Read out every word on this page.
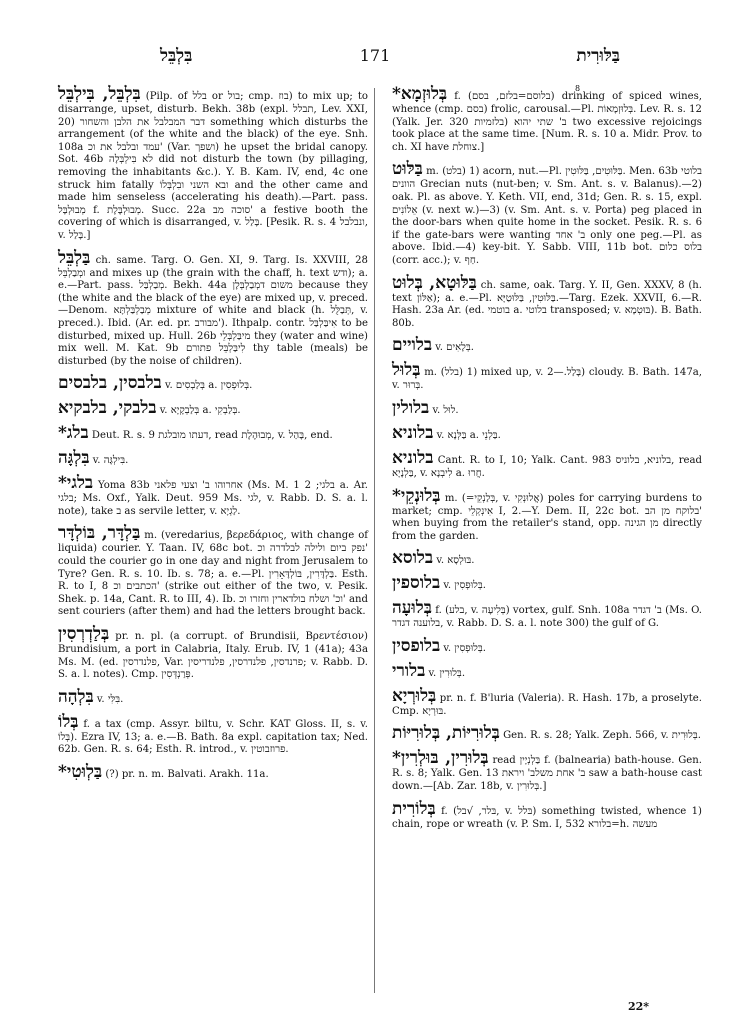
בִּלְבֵּל	171	בַּלּוּרִית
8
בִּלְבֵּל, בִּילְבֵּל (Pilp. of בלל or בול; cmp. בוז) to mix up; to disarrange, upset, disturb. Bekh. 38b (expl. תבלל, Lev. XXI, 20) דבר המבלבל את הלבן והשחור something which disturbs the arrangement (of the white and the black) of the eye. Snh. 108a עמד ובלבל את וכ' (Var. ושפך) he upset the bridal canopy. Sot. 46b לא בִּילְבְּלָה did not disturb the town (by pillaging, removing the inhabitants &c.). Y. B. Kam. IV, end, 4c one struck him fatally ובא השני ובִלְבְּלוֹ and the other came and made him senseless (accelerating his death).—Part. pass. מְבוּלְבָּל f. מְבוּלְבֶּלֶת. Succ. 22a סוכה מב' a festive booth the covering of which is disarranged, v. בָּלַל. [Pesik. R. s. 4 ונבלבל, v. בָּלַל.]
בַּלְבֵּל ch. same. Targ. O. Gen. XI, 9. Targ. Is. XXVIII, 28 ומְבַלְבֵּל and mixes up (the grain with the chaff, h. text ודש); a. e.—Part. pass. מְבַלְבַּל. Bekh. 44a משום דמְבַלְבְּלָן because they (the white and the black of the eye) are mixed up, v. preced.—Denom. מְבַלְבַּלְתָּא mixture of white and black (h. תְּבַלֻּל, v. preced.). Ibid. (Ar. ed. pr. מבורב'). Ithpalp. contr. אִיבַּלְבַּל to be disturbed, mixed up. Hull. 26b מיבַּלְבְּלֵי they (water and wine) mix well. M. Kat. 9b לִיבַּלְבֵּל פתורם thy table (meals) be disturbed (by the noise of children).
בלבסין, בלבסים v. בְּלַבְסִים a. בְּלוּפְסִין.
בלבקי, בלבקיא v. בְּלַבְקָיָא a. בְּלַבְקִי.
*בלג Deut. R. s. 9 דעתו מובלגת, read מְבוּהֶלֶת, v. בָּהַל, end.
בִּלְגָּה v. בִּילְגָּה.
*בלגי Yoma 83b אחרוהו ב' וצעי פלאני (Ms. M. 1 בלגי; 2 a. Ar. בלגי; Ms. Oxf., Yalk. Deut. 959 Ms. לגי, v. Rabb. D. S. a. l. note), take ב as servile letter, v. לַגְיָא.
בַּלְדָּר, בּוֹלְדָּר m. (veredarius, βερεδάριος, with change of liquida) courier. Y. Taan. IV, 68c bot. נפק ביום ולילה לבלדרה וכ' could the courier go in one day and night from Jerusalem to Tyre? Gen. R. s. 10. Ib. s. 78; a. e.—Pl. בַּלְדָּרִין, בּוֹלְדָּאָרִין. Esth. R. to I, 8 הכתבים וכ' (strike out either of the two, v. Pesik. Shek. p. 14a, Cant. R. to III, 4). Ib. וכ' ושלח בולדארין וחזרו וכ' and sent couriers (after them) and had the letters brought back.
בְּלַדְרְסִין pr. n. pl. (a corrupt. of Brundisii, Βρεντέσιον) Brundisium, a port in Calabria, Italy. Erub. IV, 1 (41a); 43a Ms. M. (ed. פלנדרסין, Var. פרנדסין, פלנדרסין, פלנדריסין; v. Rabb. D. S. a. l. notes). Cmp. פְּרַנְדְּסִין.
בִּלְהָה v. בִּלִּי.
בְּלוֹ f. a tax (cmp. Assyr. biltu, v. Schr. KAT Gloss. II, s. v. בְּלוֹ). Ezra IV, 13; a. e.—B. Bath. 8a expl. capitation tax; Ned. 62b. Gen. R. s. 64; Esth. R. introd., v. פרוזבוטין.
*בַּלְוּטִי (?) pr. n. m. Balvati. Arakh. 11a.
*בְּלוּזְמָא f. (בלוסם=בלזם, בסם) drinking of spiced wines, whence (cmp. בסם) frolic, carousal.—Pl. בְּלוּזְמָאוֹת. Lev. R. s. 12 (Yalk. Jer. 320 בלזמיות) ב' שתי יהוא two excessive rejoicings took place at the same time. [Num. R. s. 10 a. Midr. Prov. to ch. XI have צוחלת.]
בַּלּוּט m. (בלט) 1) acorn, nut.—Pl. בַּלּוּטִים, בַּלּוּטִין. Men. 63b בלוטי הוונים Grecian nuts (nut-ben; v. Sm. Ant. s. v. Balanus).—2) oak. Pl. as above. Y. Keth. VII, end, 31d; Gen. R. s. 15, expl. אֵלוֹנִים (v. next w.)—3) (v. Sm. Ant. s. v. Porta) peg placed in the door-bars when quite home in the socket. Pesik. R. s. 6 if the gate-bars were wanting ב' אחד only one peg.—Pl. as above. Ibid.—4) key-bit. Y. Sabb. VIII, 11b bot. בלוס כלום (corr. acc.); v. חַף.
בַּלּוּטָא, בְּלוּט ch. same, oak. Targ. Y. II, Gen. XXXV, 8 (h. text אַלּוֹן); a. e.—Pl. בַּלּוּטִין, בַּלּוּטַיָּא.—Targ. Ezek. XXVII, 6.—R. Hash. 23a Ar. (ed. בוטמי a. בלוטי transposed; v. בּוּטְמָא). B. Bath. 80b.
בלויים v. בְּלָאִים.
בְּלוּל m. (בלל) 1) mixed up, v. בָּלַל.—2) cloudy. B. Bath. 147a, v. בְּרוּר.
בלולין v. לוּל.
בלוניא v. בַּלְּנָא a. בַּלְנֵי.
בלוניא Cant. R. to I, 10; Yalk. Cant. 983 בלוניא, בלוניס, read בַּלְנָיָא, v. לִיבְנָא a. חֲרוּ.
*בְּלוּנְקֵי m. (=בְּלַנְקֵי, v. אֲלוּנְקִי) poles for carrying burdens to market; cmp. אִינְקְלֵי I, 2.—Y. Dem. II, 22c bot. בלוקח מן הב' when buying from the retailer's stand, opp. מן הגינה directly from the garden.
בלוסא v. בּוּלְסָא.
בלוספין v. בְּלוּפְסִין.
בְּלוּעָה f. (בלע, v. בְּלִיעָה) vortex, gulf. Snh. 108a ב' דגדר (Ms. O. בלוענה דגדר, v. Rabb. D. S. a. l. note 300) the gulf of G.
בלופסין v. בְּלוּפְסִין.
בלורי v. בְּלוּרִין.
בְּלוּרְיָא pr. n. f. B'luria (Valeria). R. Hash. 17b, a proselyte. Cmp. בּוּרְיָא.
בְּלוּרִיּוֹת, בְּלוּרִיּוֹת Gen. R. s. 28; Yalk. Zeph. 566, v. בְּלוּרִית.
*בְּלוּרִין, בּוּלְרִין read בַּלְנְיָין f. (balnearia) bath-house. Gen. R. s. 8; Yalk. Gen. 13 ב' אחת משלב' ויראת saw a bath-house cast down.—[Ab. Zar. 18b, v. בְּלוּרִין.]
בְּלוֹרִית f. (בּלר, √בל, v. בּלל) something twisted, whence 1) chain, rope or wreath (v. P. Sm. I, 532 בלורא=h. מעשה
22*
